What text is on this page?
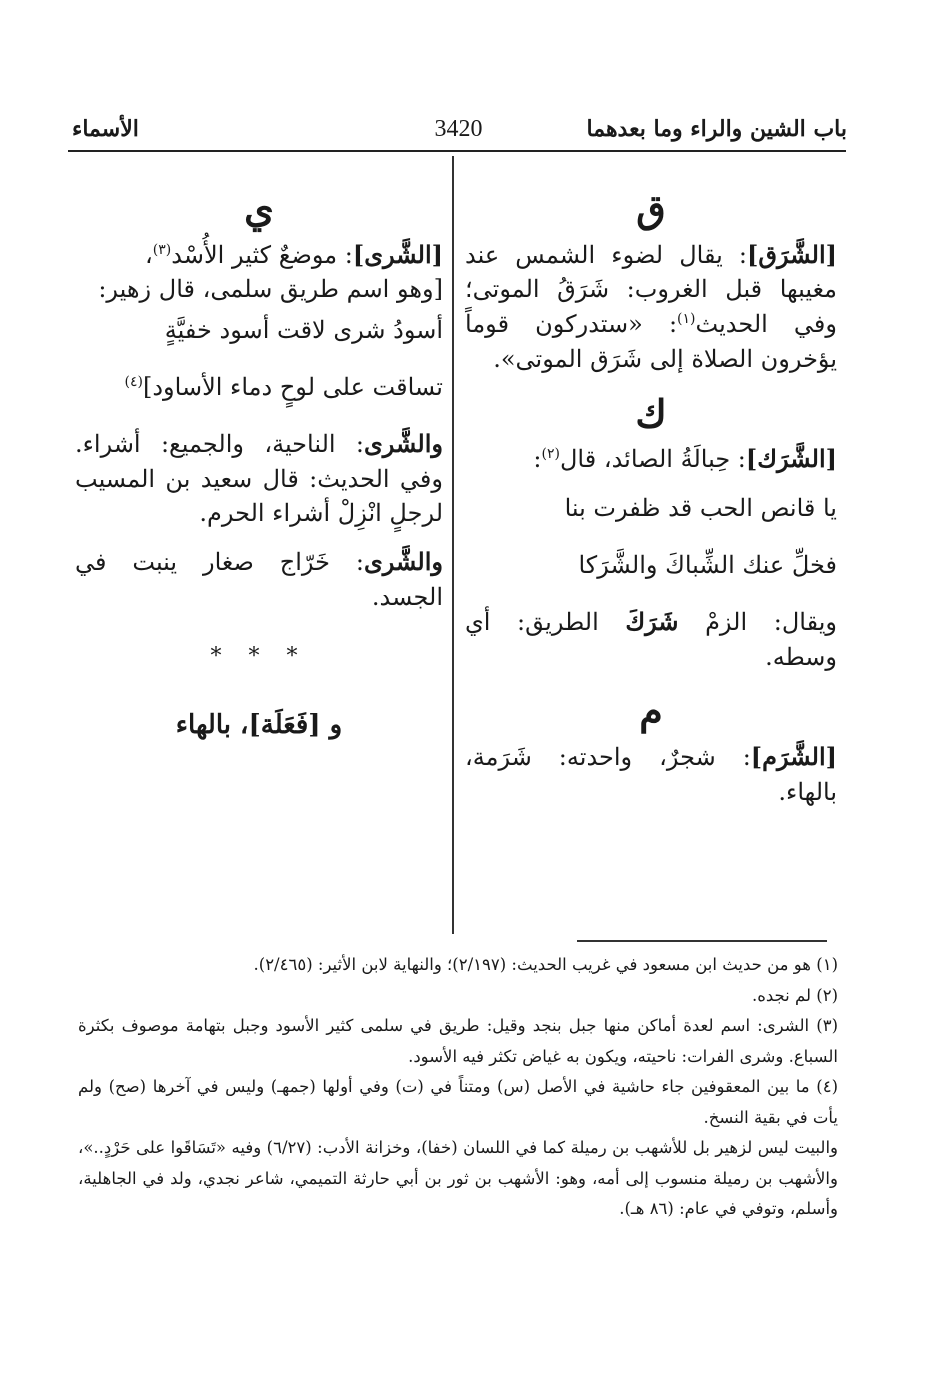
باب الشين والراء وما بعدهما
3420
الأسماء
ق

[الشَّرَق]: يقال لضوء الشمس عند مغيبها قبل الغروب: شَرَقُ الموتى؛ وفي الحديث$^{(١)}$: «ستدركون قوماً يؤخرون الصلاة إلى شَرَق الموتى».

ك

[الشَّرَك]: حِبالَةُ الصائد، قال$^{(٢)}$:

يا قانص الحب قد ظفرت بنا

فخلِّ عنك الشِّباكَ والشَّرَكا

ويقال: الزمْ شَرَكَ الطريق: أي وسطه.

م

[الشَّرَم]: شجرٌ، واحدته: شَرَمة، بالهاء.

ي

[الشَّرى]: موضعٌ كثير الأُسْد$^{(٣)}$،
[وهو اسم طريق سلمى، قال زهير:

أسودُ شرى لاقت أسود خفيَّةٍ

تساقت على لوحٍ دماء الأساود]$^{(٤)}$

والشَّرى: الناحية، والجميع: أشراء. وفي الحديث: قال سعيد بن المسيب لرجلٍ انْزِلْ أشراء الحرم.

والشَّرى: خَرّاج صغار ينبت في الجسد.

* * *
و [فَعَلَة]، بالهاء

(١) هو من حديث ابن مسعود في غريب الحديث: (٢/١٩٧)؛ والنهاية لابن الأثير: (٢/٤٦٥).

(٢) لم نجده.

(٣) الشرى: اسم لعدة أماكن منها جبل بنجد وقيل: طريق في سلمى كثير الأسود وجبل بتهامة موصوف بكثرة السباع. وشرى الفرات: ناحيته، ويكون به غياض تكثر فيه الأسود.

(٤) ما بين المعقوفين جاء حاشية في الأصل (س) ومتناً في (ت) وفي أولها (جمهـ) وليس في آخرها (صح) ولم يأت في بقية النسخ.

والبيت ليس لزهير بل للأشهب بن رميلة كما في اللسان (خفا)، وخزانة الأدب: (٦/٢٧) وفيه «تَسَاقَوا على حَرْدٍ..»، والأشهب بن رميلة منسوب إلى أمه، وهو: الأشهب بن ثور بن أبي حارثة التميمي، شاعر نجدي، ولد في الجاهلية، وأسلم، وتوفي في عام: (٨٦ هـ).
